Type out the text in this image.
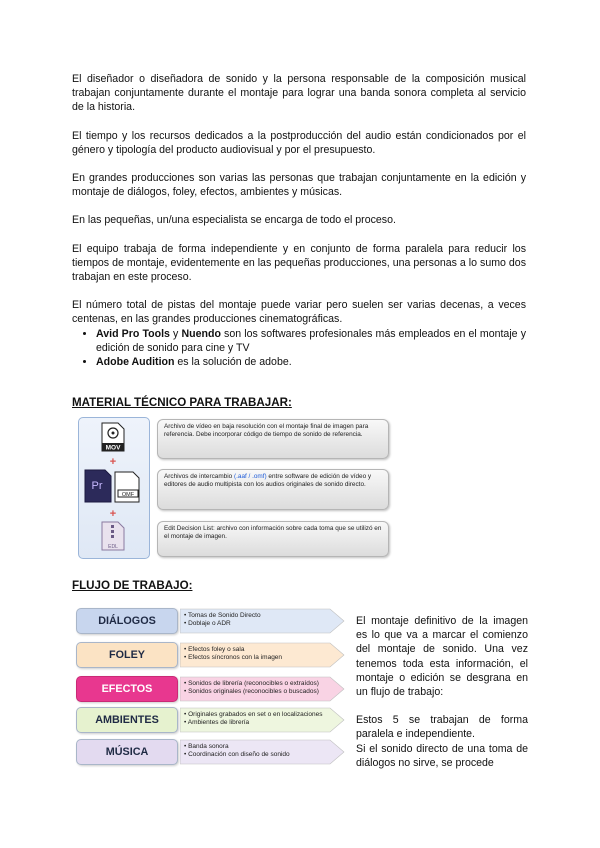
El diseñador o diseñadora de sonido y la persona responsable de la composición musical trabajan conjuntamente durante el montaje para lograr una banda sonora completa al servicio de la historia.

El tiempo y los recursos dedicados a la postproducción del audio están condicionados por el género y tipología del producto audiovisual y por el presupuesto.

En grandes producciones son varias las personas que trabajan conjuntamente en la edición y montaje de diálogos, foley, efectos, ambientes y músicas.

En las pequeñas, un/una especialista se encarga de todo el proceso.

El equipo trabaja de forma independiente y en conjunto de forma paralela para reducir los tiempos de montaje, evidentemente en las pequeñas producciones, una personas a lo sumo dos trabajan en este proceso.

El número total de pistas del montaje puede variar pero suelen ser varias decenas, a veces centenas, en las grandes producciones cinematográficas.

• Avid Pro Tools y Nuendo son los softwares profesionales más empleados en el montaje y edición de sonido para cine y TV
• Adobe Audition es la solución de adobe.
MATERIAL TÉCNICO PARA TRABAJAR:
MOV
+
Pr
OMF
+
EDL
Archivo de vídeo en baja resolución con el montaje final de imagen para referencia. Debe incorporar código de tiempo de sonido de referencia.
Archivos de intercambio (.aaf / .omf) entre software de edición de vídeo y editores de audio multipista con los audios originales de sonido directo.
Edit Decision List: archivo con información sobre cada toma que se utilizó en el montaje de imagen.
FLUJO DE TRABAJO:
DIÁLOGOS	• Tomas de Sonido Directo
• Doblaje o ADR
FOLEY	• Efectos foley o sala
• Efectos síncronos con la imagen
EFECTOS	• Sonidos de librería (reconocibles o extraídos)
• Sonidos originales (reconocibles o buscados)
AMBIENTES	• Originales grabados en set o en localizaciones
• Ambientes de librería
MÚSICA	• Banda sonora
• Coordinación con diseño de sonido

El montaje definitivo de la imagen es lo que va a marcar el comienzo del montaje de sonido. Una vez tenemos toda esta información, el montaje o edición se desgrana en un flujo de trabajo:

Estos 5 se trabajan de forma paralela e independiente.

Si el sonido directo de una toma de diálogos no sirve, se procede
